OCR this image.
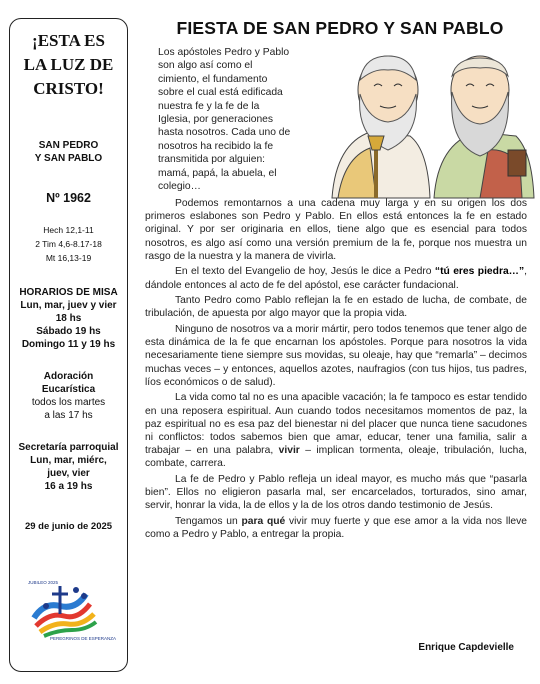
¡ESTA ES
LA LUZ DE
CRISTO!
SAN PEDRO
Y SAN PABLO
Nº 1962
Hech 12,1-11
2 Tim 4,6-8.17-18
Mt 16,13-19
HORARIOS DE MISA
Lun, mar, juev y vier
18 hs
Sábado 19 hs
Domingo 11 y 19 hs
Adoración
Eucarística
todos los martes
a las 17 hs
Secretaría parroquial
Lun, mar, miérc,
juev, vier
16 a 19 hs
29 de junio de 2025
JUBILEO 2025
PEREGRINOS DE ESPERANZA
FIESTA DE SAN PEDRO Y SAN PABLO
Los apóstoles Pedro y Pablo
son algo así como el
cimiento, el fundamento
sobre el cual está edificada
nuestra fe y la fe de la
Iglesia, por generaciones
hasta nosotros. Cada uno de
nosotros ha recibido la fe
transmitida por alguien:
mamá, papá, la abuela, el
colegio…

Podemos remontarnos a una cadena muy larga y en su origen los dos primeros eslabones son Pedro y Pablo. En ellos está entonces la fe en estado original. Y por ser originaria en ellos, tiene algo que es esencial para todos nosotros, es algo así como una versión premium de la fe, porque nos muestra un rasgo de la nuestra y la manera de vivirla.

En el texto del Evangelio de hoy, Jesús le dice a Pedro “tú eres piedra…”, dándole entonces al acto de fe del apóstol, ese carácter fundacional.

Tanto Pedro como Pablo reflejan la fe en estado de lucha, de combate, de tribulación, de apuesta por algo mayor que la propia vida.

Ninguno de nosotros va a morir mártir, pero todos tenemos que tener algo de esta dinámica de la fe que encarnan los apóstoles. Porque para nosotros la vida necesariamente tiene siempre sus movidas, su oleaje, hay que “remarla” – decimos muchas veces – y entonces, aquellos azotes, naufragios (con tus hijos, tus padres, líos económicos o de salud).

La vida como tal no es una apacible vacación; la fe tampoco es estar tendido en una reposera espiritual. Aun cuando todos necesitamos momentos de paz, la paz espiritual no es esa paz del bienestar ni del placer que nunca tiene sacudones ni conflictos: todos sabemos bien que amar, educar, tener una familia, salir a trabajar – en una palabra, vivir – implican tormenta, oleaje, tribulación, lucha, combate, carrera.

La fe de Pedro y Pablo refleja un ideal mayor, es mucho más que “pasarla bien”. Ellos no eligieron pasarla mal, ser encarcelados, torturados, sino amar, servir, honrar la vida, la de ellos y la de los otros dando testimonio de Jesús.

Tengamos un para qué vivir muy fuerte y que ese amor a la vida nos lleve como a Pedro y Pablo, a entregar la propia.

Enrique Capdevielle
